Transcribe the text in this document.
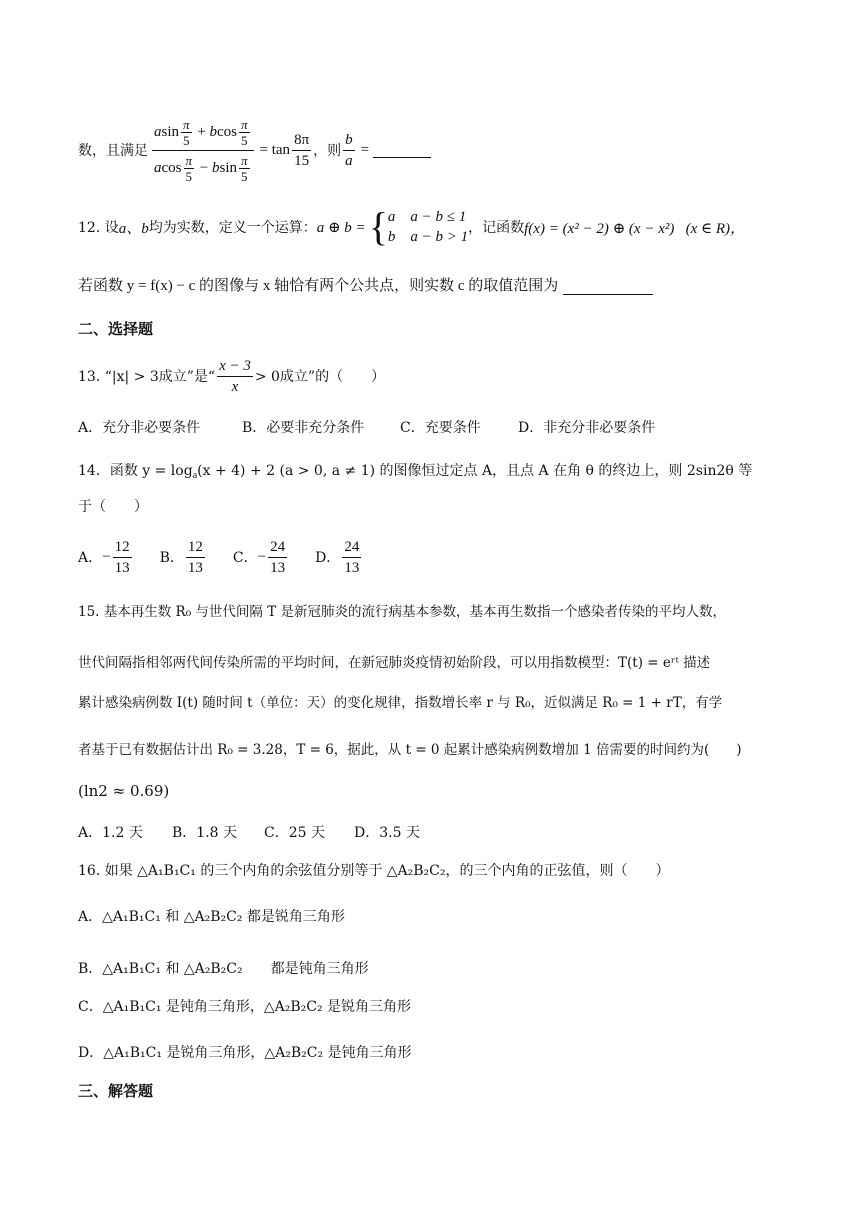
数，且满足 $\frac{a \sin \frac{\pi}{5} + b \cos \frac{\pi}{5}}{a \cos \frac{\pi}{5} - b \sin \frac{\pi}{5}} = \tan \frac{8\pi}{15}$ ，则 $\frac{b}{a}$ =
12. 设 a、b 均为实数，定义一个运算： a ⊕ b = { a    a − b ≤ 1
b    a − b > 1
，记函数 f(x) = (x² − 2) ⊕ (x − x²)   (x ∈ R)，
若函数 y = f(x) − c 的图像与 x 轴恰有两个公共点，则实数 c 的取值范围为
二、选择题
13. “|x| > 3成立”是“ $\frac{x - 3}{x} > 0$成立”的（　　）
A．充分非必要条件	B．必要非充分条件	C．充要条件	D．非充分非必要条件
14．函数 $y = \log_a(x + 4) + 2$ (a > 0, a ≠ 1) 的图像恒过定点 A，且点 A 在角 θ 的终边上，则 2sin2θ 等
于（　　）
A． − $\frac{12}{13}$ B． $\frac{12}{13}$ C． − $\frac{24}{13}$ D． $\frac{24}{13}$
15. 基本再生数 R₀ 与世代间隔 T 是新冠肺炎的流行病基本参数，基本再生数指一个感染者传染的平均人数，
世代间隔指相邻两代间传染所需的平均时间，在新冠肺炎疫情初始阶段，可以用指数模型：T(t) = eʳᵗ 描述
累计感染病例数 I(t) 随时间 t（单位：天）的变化规律，指数增长率 r 与 R₀，近似满足 R₀ = 1 + rT，有学
者基于已有数据估计出 R₀ = 3.28，T = 6，据此，从 t = 0 起累计感染病例数增加 1 倍需要的时间约为(　　)
(ln2 ≈ 0.69)
A．1.2 天 B．1.8 天 C．25 天 D．3.5 天
16. 如果 △A₁B₁C₁ 的三个内角的余弦值分别等于 △A₂B₂C₂，的三个内角的正弦值，则（　　）
A．△A₁B₁C₁ 和 △A₂B₂C₂ 都是锐角三角形
B．△A₁B₁C₁ 和 △A₂B₂C₂　　都是钝角三角形
C．△A₁B₁C₁ 是钝角三角形，△A₂B₂C₂ 是锐角三角形
D．△A₁B₁C₁ 是锐角三角形，△A₂B₂C₂ 是钝角三角形
三、解答题
